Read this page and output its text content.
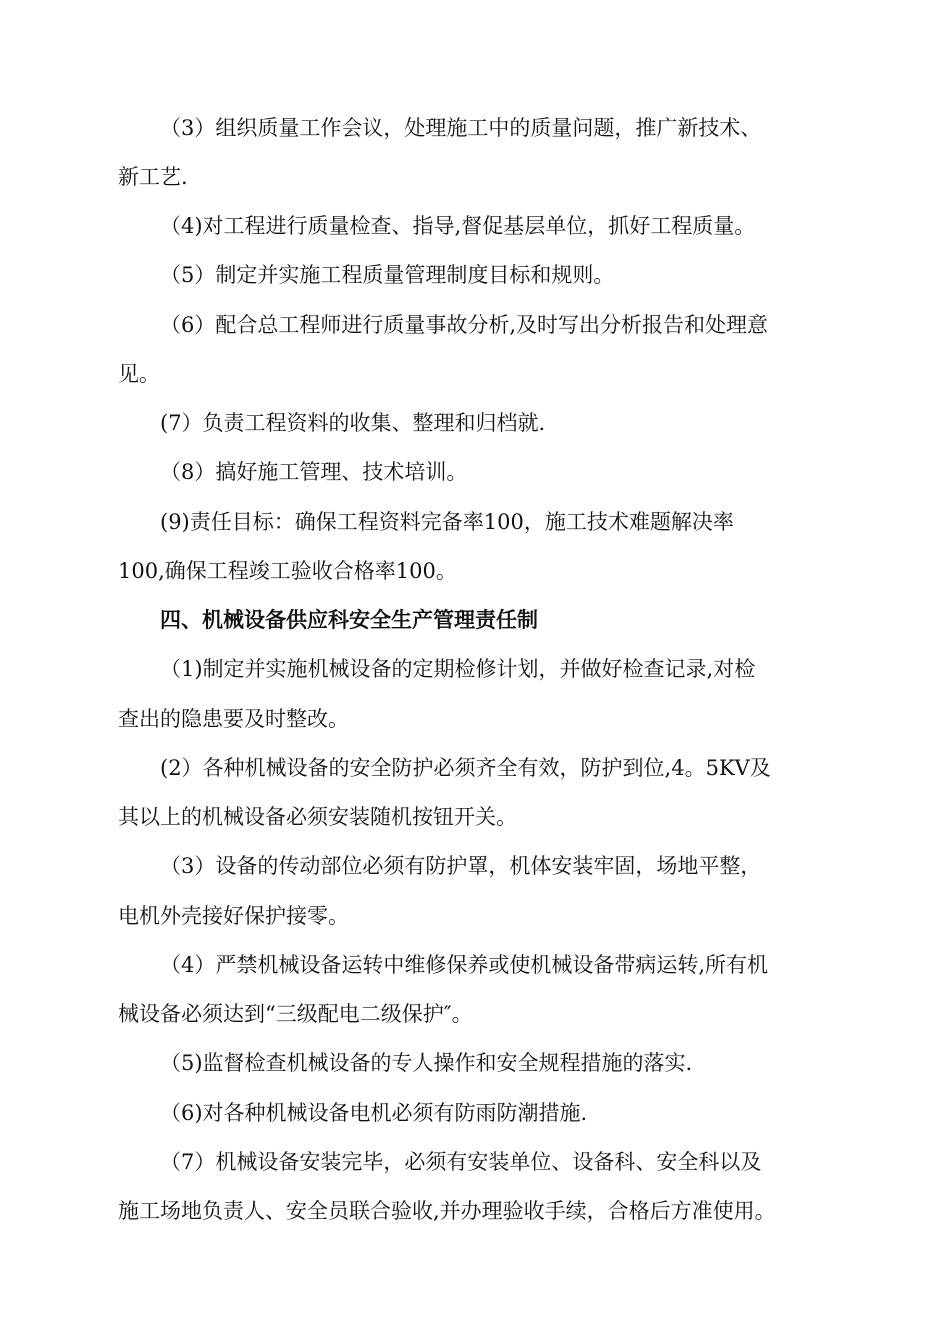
（3）组织质量工作会议，处理施工中的质量问题，推广新技术、
新工艺.
（4)对工程进行质量检查、指导,督促基层单位，抓好工程质量。
（5）制定并实施工程质量管理制度目标和规则。
（6）配合总工程师进行质量事故分析,及时写出分析报告和处理意
见。
(7）负责工程资料的收集、整理和归档就.
（8）搞好施工管理、技术培训。
(9)责任目标：确保工程资料完备率100，施工技术难题解决率
100,确保工程竣工验收合格率100。
四、机械设备供应科安全生产管理责任制
（1)制定并实施机械设备的定期检修计划，并做好检查记录,对检
查出的隐患要及时整改。
(2）各种机械设备的安全防护必须齐全有效，防护到位,4。5KV及
其以上的机械设备必须安装随机按钮开关。
（3）设备的传动部位必须有防护罩，机体安装牢固，场地平整，
电机外壳接好保护接零。
（4）严禁机械设备运转中维修保养或使机械设备带病运转,所有机
械设备必须达到“三级配电二级保护″。
（5)监督检查机械设备的专人操作和安全规程措施的落实.
（6)对各种机械设备电机必须有防雨防潮措施.
（7）机械设备安装完毕，必须有安装单位、设备科、安全科以及
施工场地负责人、安全员联合验收,并办理验收手续，合格后方准使用。
